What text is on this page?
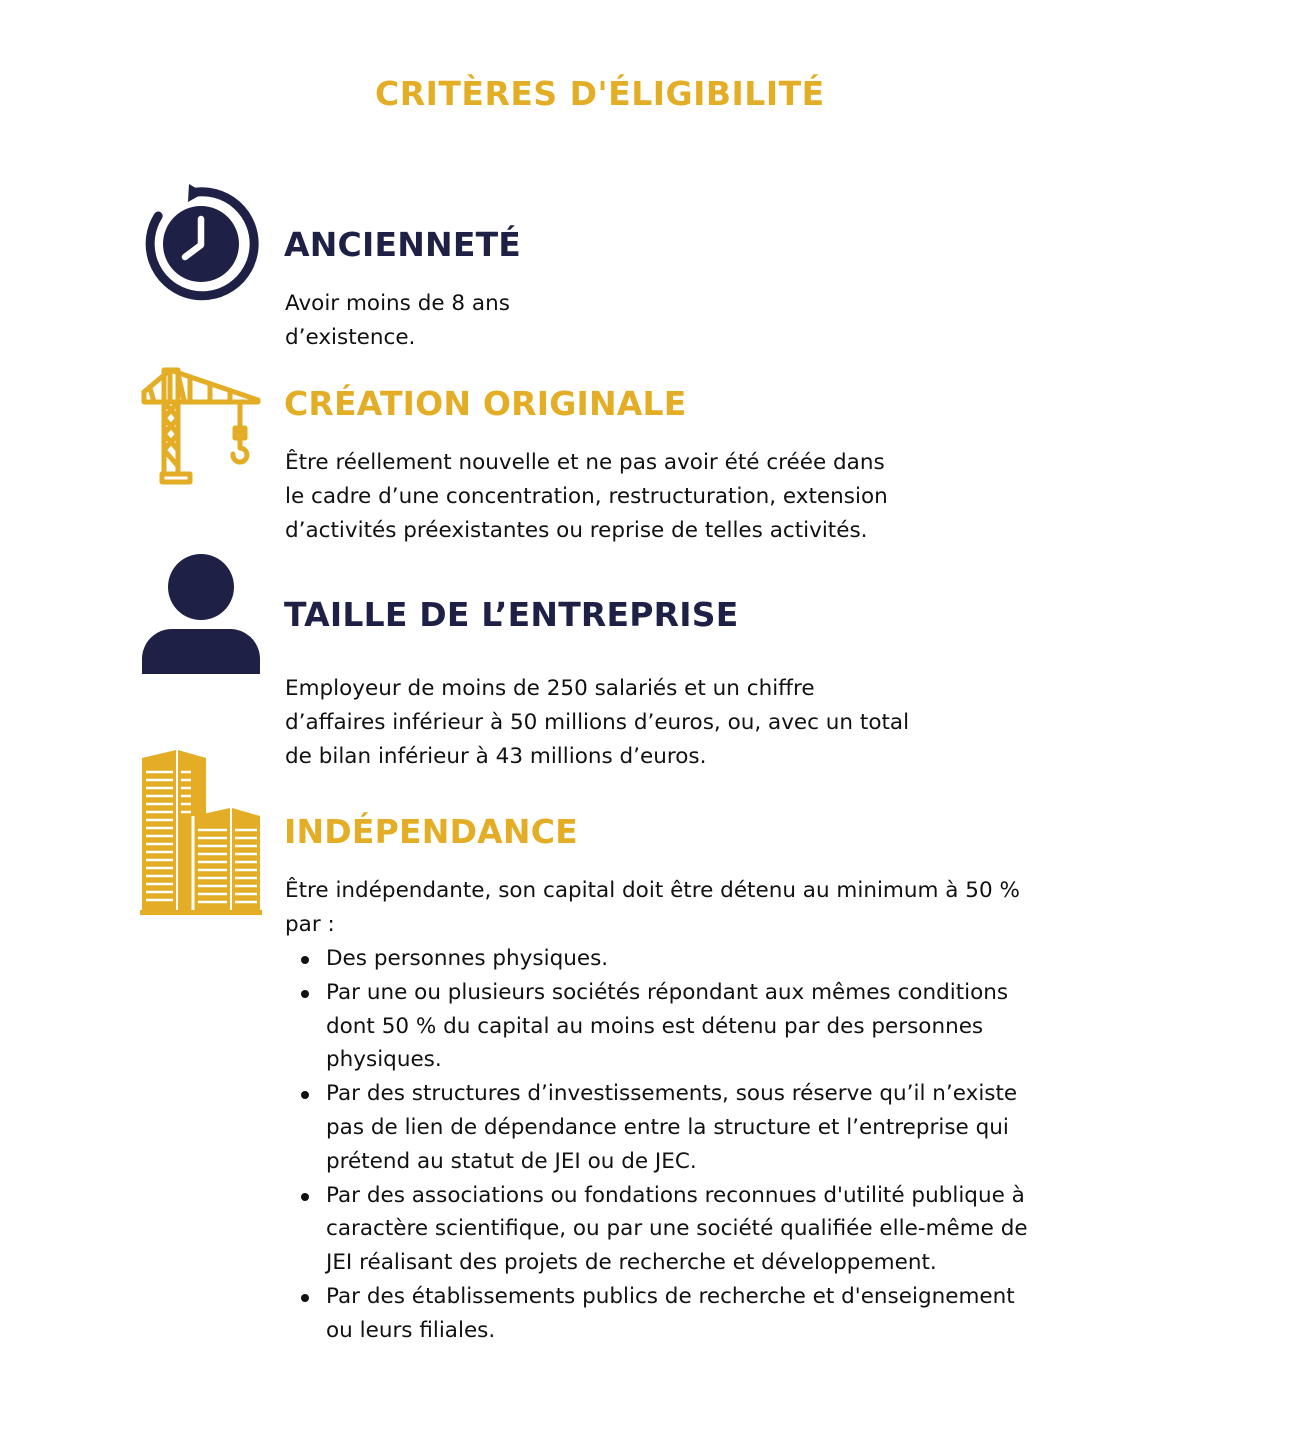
CRITÈRES D'ÉLIGIBILITÉ
ANCIENNETÉ
Avoir moins de 8 ans
d’existence.
CRÉATION ORIGINALE
Être réellement nouvelle et ne pas avoir été créée dans
le cadre d’une concentration, restructuration, extension
d’activités préexistantes ou reprise de telles activités.
TAILLE DE L’ENTREPRISE
Employeur de moins de 250 salariés et un chiffre
d’affaires inférieur à 50 millions d’euros, ou, avec un total
de bilan inférieur à 43 millions d’euros.
INDÉPENDANCE
Être indépendante, son capital doit être détenu au minimum à 50 %
par :
Des personnes physiques.
Par une ou plusieurs sociétés répondant aux mêmes conditions
dont 50 % du capital au moins est détenu par des personnes
physiques.
Par des structures d’investissements, sous réserve qu’il n’existe
pas de lien de dépendance entre la structure et l’entreprise qui
prétend au statut de JEI ou de JEC.
Par des associations ou fondations reconnues d'utilité publique à
caractère scientifique, ou par une société qualifiée elle-même de
JEI réalisant des projets de recherche et développement.
Par des établissements publics de recherche et d'enseignement
ou leurs filiales.
